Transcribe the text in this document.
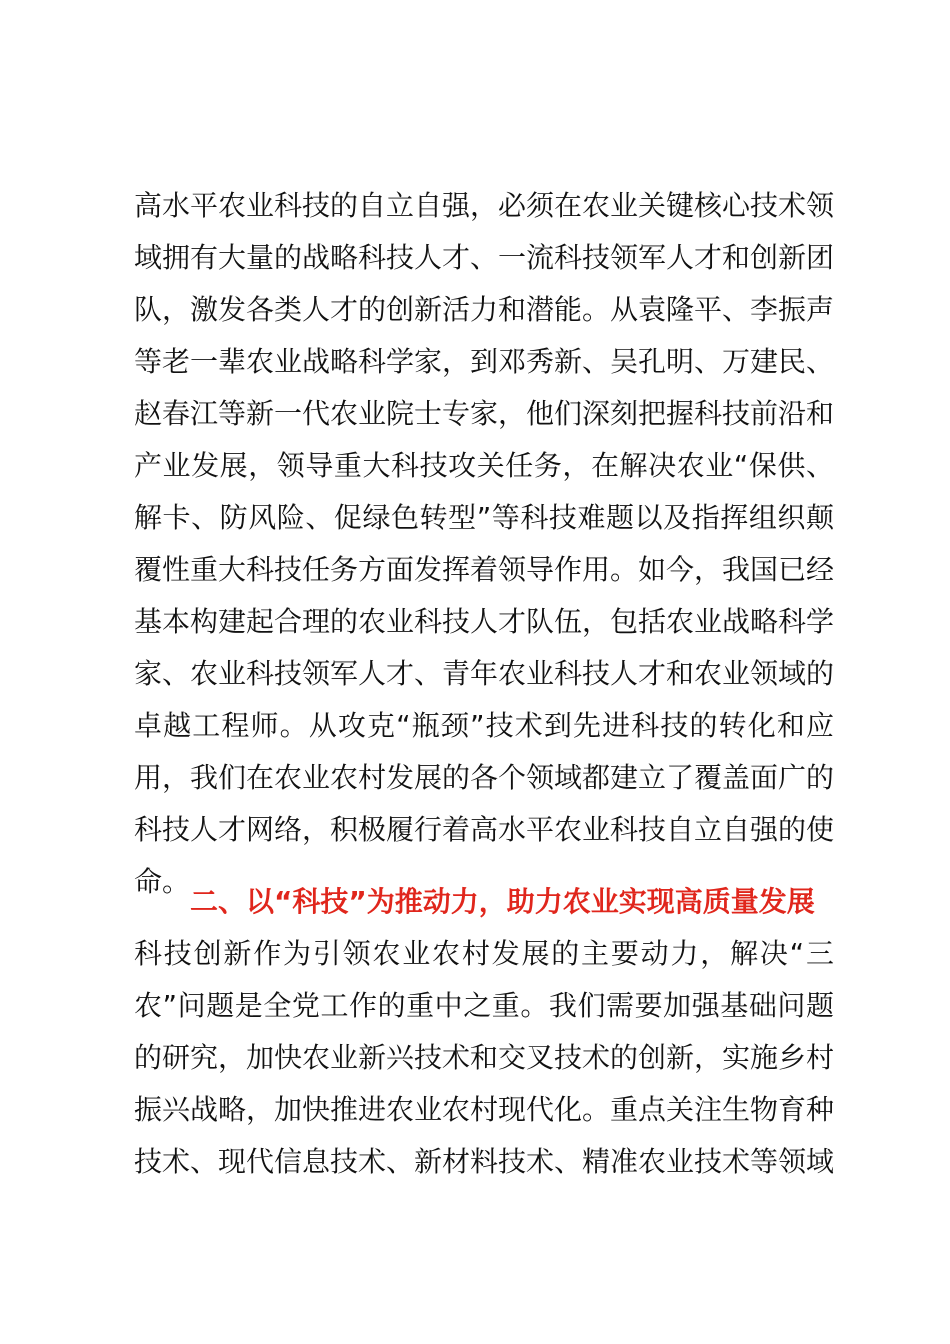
高水平农业科技的自立自强，必须在农业关键核心技术领
域拥有大量的战略科技人才、一流科技领军人才和创新团
队，激发各类人才的创新活力和潜能。从袁隆平、李振声
等老一辈农业战略科学家，到邓秀新、吴孔明、万建民、
赵春江等新一代农业院士专家，他们深刻把握科技前沿和
产业发展，领导重大科技攻关任务，在解决农业“保供、
解卡、防风险、促绿色转型”等科技难题以及指挥组织颠
覆性重大科技任务方面发挥着领导作用。如今，我国已经
基本构建起合理的农业科技人才队伍，包括农业战略科学
家、农业科技领军人才、青年农业科技人才和农业领域的
卓越工程师。从攻克“瓶颈”技术到先进科技的转化和应
用，我们在农业农村发展的各个领域都建立了覆盖面广的
科技人才网络，积极履行着高水平农业科技自立自强的使
命。
二、以“科技”为推动力，助力农业实现高质量发展
科技创新作为引领农业农村发展的主要动力，解决“三
农”问题是全党工作的重中之重。我们需要加强基础问题
的研究，加快农业新兴技术和交叉技术的创新，实施乡村
振兴战略，加快推进农业农村现代化。重点关注生物育种
技术、现代信息技术、新材料技术、精准农业技术等领域
